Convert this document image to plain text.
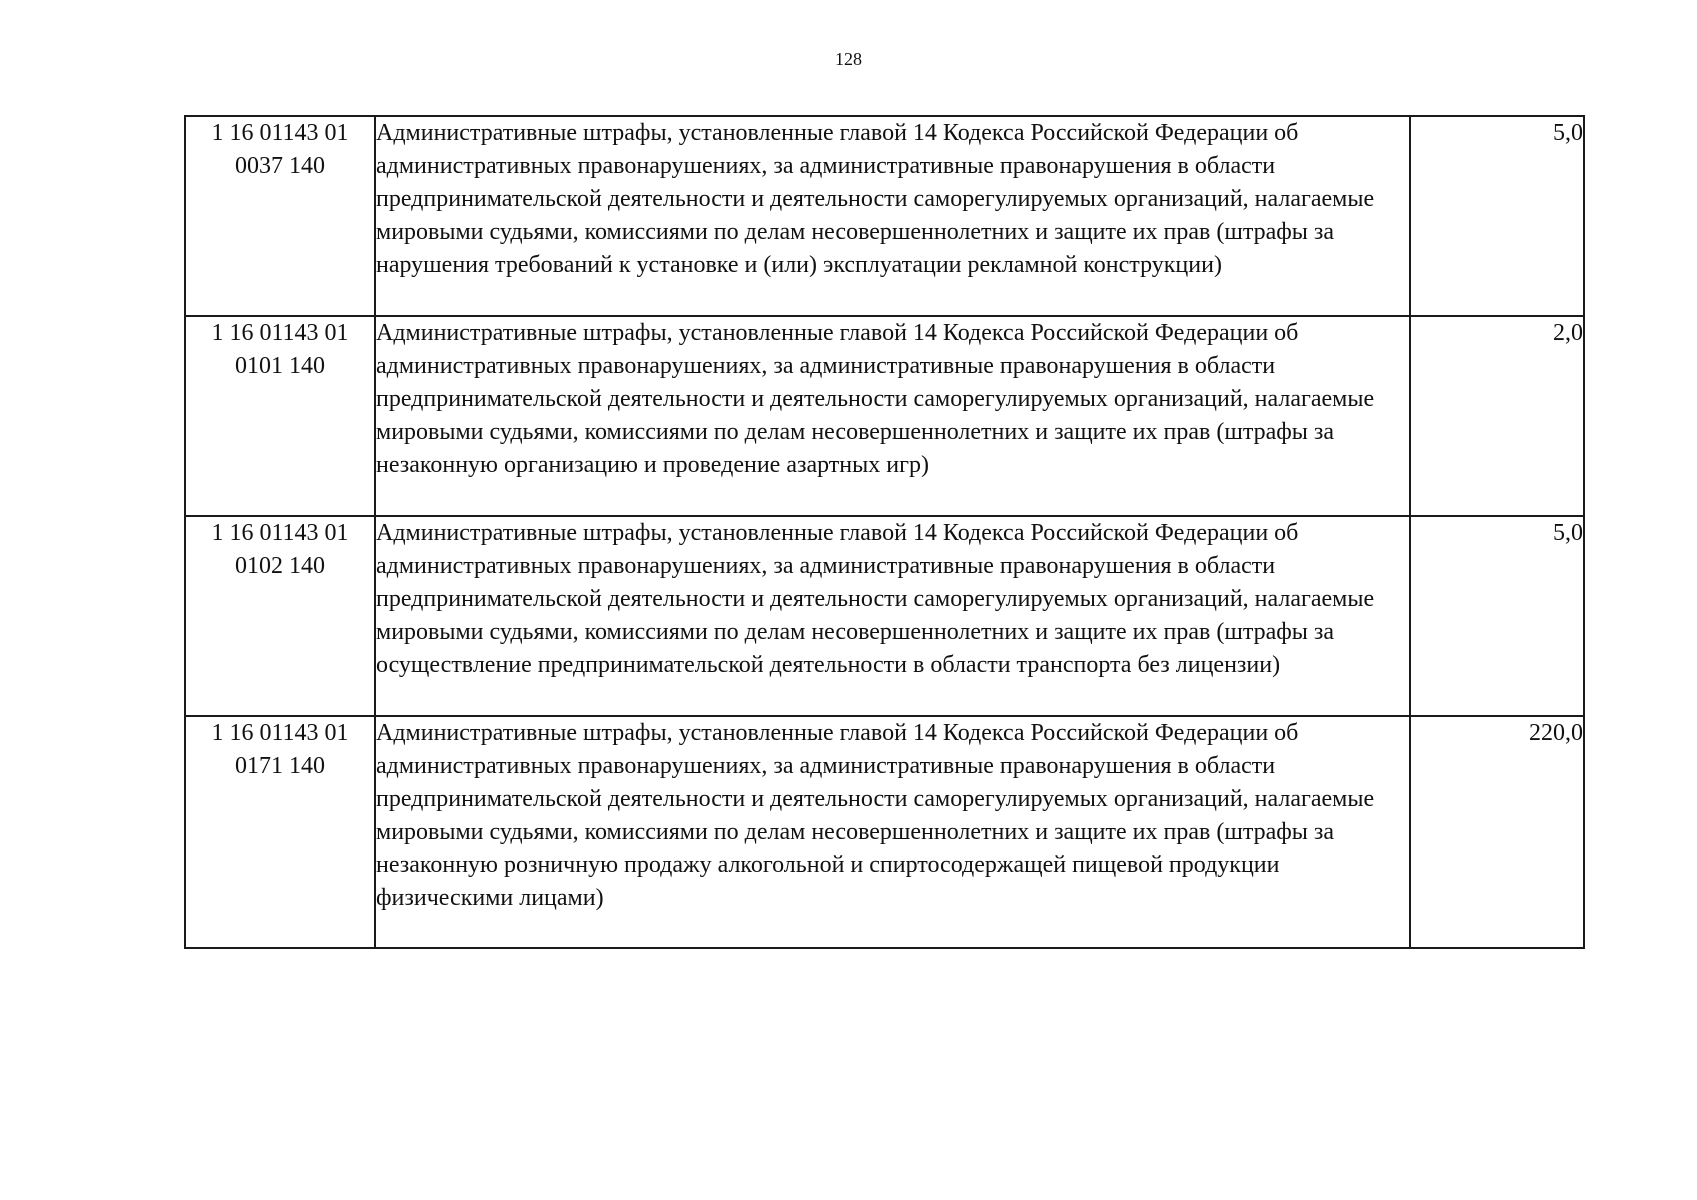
128
1 16 01143 01
0037 140	Административные штрафы, установленные главой 14 Кодекса Российской Федерации об административных правонарушениях, за административные правонарушения в области предпринимательской деятельности и деятельности саморегулируемых организаций, налагаемые мировыми судьями, комиссиями по делам несовершеннолетних и защите их прав (штрафы за нарушения требований к установке и (или) эксплуатации рекламной конструкции)	5,0

1 16 01143 01
0101 140	Административные штрафы, установленные главой 14 Кодекса Российской Федерации об административных правонарушениях, за административные правонарушения в области предпринимательской деятельности и деятельности саморегулируемых организаций, налагаемые мировыми судьями, комиссиями по делам несовершеннолетних и защите их прав (штрафы за незаконную организацию и проведение азартных игр)	2,0

1 16 01143 01
0102 140	Административные штрафы, установленные главой 14 Кодекса Российской Федерации об административных правонарушениях, за административные правонарушения в области предпринимательской деятельности и деятельности саморегулируемых организаций, налагаемые мировыми судьями, комиссиями по делам несовершеннолетних и защите их прав (штрафы за осуществление предпринимательской деятельности в области транспорта без лицензии)	5,0

1 16 01143 01
0171 140	Административные штрафы, установленные главой 14 Кодекса Российской Федерации об административных правонарушениях, за административные правонарушения в области предпринимательской деятельности и деятельности саморегулируемых организаций, налагаемые мировыми судьями, комиссиями по делам несовершеннолетних и защите их прав (штрафы за незаконную розничную продажу алкогольной и спиртосодержащей пищевой продукции физическими лицами)	220,0
